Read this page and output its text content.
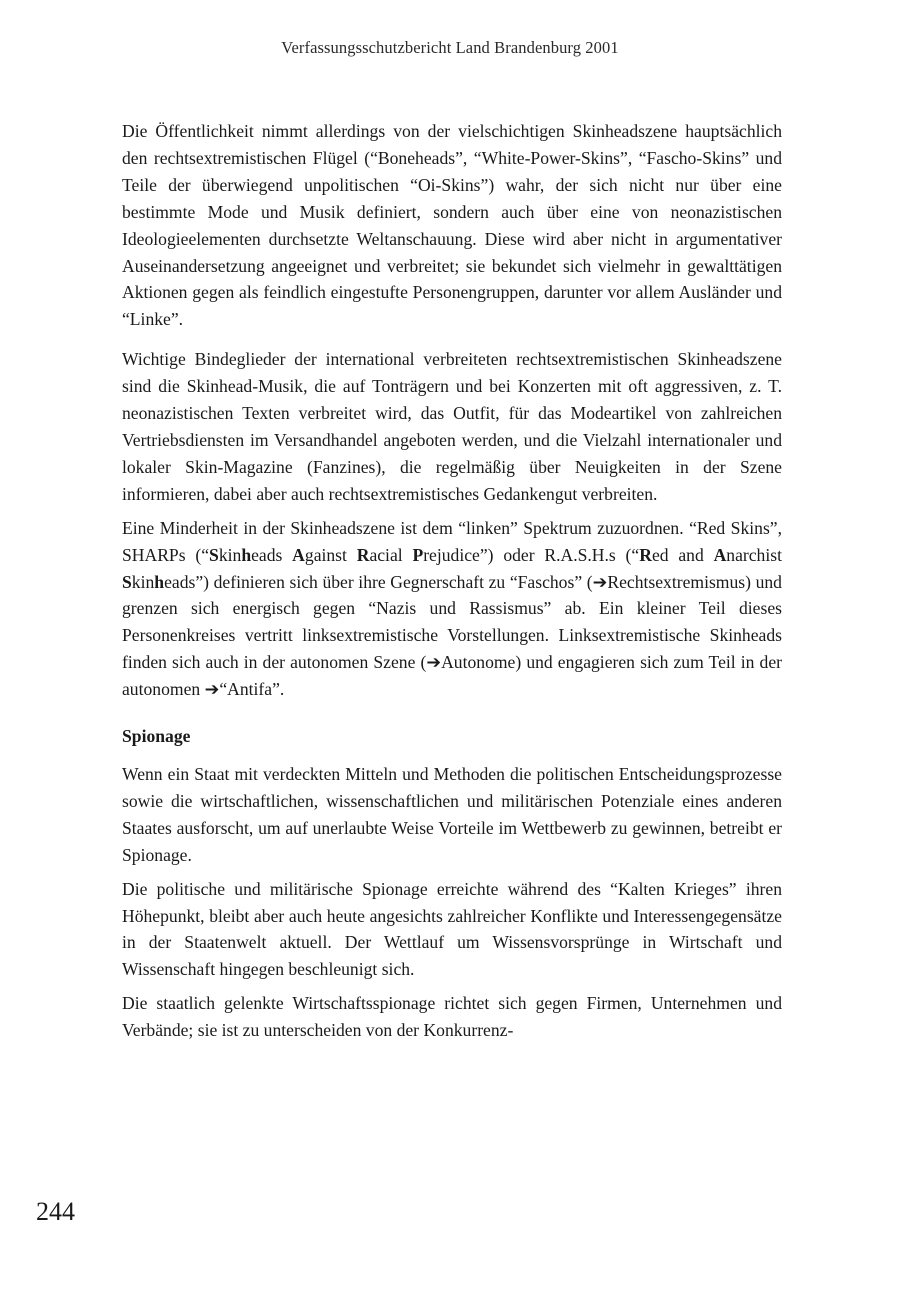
Verfassungsschutzbericht Land Brandenburg 2001

Die Öffentlichkeit nimmt allerdings von der vielschichtigen Skinheadszene hauptsächlich den rechtsextremistischen Flügel (“Boneheads”, “White-Power-Skins”, “Fascho-Skins” und Teile der überwiegend unpolitischen “Oi-Skins”) wahr, der sich nicht nur über eine bestimmte Mode und Musik definiert, sondern auch über eine von neonazistischen Ideologieelementen durchsetzte Weltanschauung. Diese wird aber nicht in argumentativer Auseinandersetzung angeeignet und verbreitet; sie bekundet sich vielmehr in gewalttätigen Aktionen gegen als feindlich eingestufte Personengruppen, darunter vor allem Ausländer und “Linke”.

Wichtige Bindeglieder der international verbreiteten rechtsextremistischen Skinheadszene sind die Skinhead-Musik, die auf Tonträgern und bei Konzerten mit oft aggressiven, z. T. neonazistischen Texten verbreitet wird, das Outfit, für das Modeartikel von zahlreichen Vertriebsdiensten im Versandhandel angeboten werden, und die Vielzahl internationaler und lokaler Skin-Magazine (Fanzines), die regelmäßig über Neuigkeiten in der Szene informieren, dabei aber auch rechtsextremistisches Gedankengut verbreiten.

Eine Minderheit in der Skinheadszene ist dem “linken” Spektrum zuzuordnen. “Red Skins”, SHARPs (“Skinheads Against Racial Prejudice”) oder R.A.S.H.s (“Red and Anarchist Skinheads”) definieren sich über ihre Gegnerschaft zu “Faschos” (➔Rechtsextremismus) und grenzen sich energisch gegen “Nazis und Rassismus” ab. Ein kleiner Teil dieses Personenkreises vertritt linksextremistische Vorstellungen. Linksextremistische Skinheads finden sich auch in der autonomen Szene (➔Autonome) und engagieren sich zum Teil in der autonomen ➔“Antifa”.

Spionage

Wenn ein Staat mit verdeckten Mitteln und Methoden die politischen Entscheidungsprozesse sowie die wirtschaftlichen, wissenschaftlichen und militärischen Potenziale eines anderen Staates ausforscht, um auf unerlaubte Weise Vorteile im Wettbewerb zu gewinnen, betreibt er Spionage.

Die politische und militärische Spionage erreichte während des “Kalten Krieges” ihren Höhepunkt, bleibt aber auch heute angesichts zahlreicher Konflikte und Interessengegensätze in der Staatenwelt aktuell. Der Wettlauf um Wissensvorsprünge in Wirtschaft und Wissenschaft hingegen beschleunigt sich.

Die staatlich gelenkte Wirtschaftsspionage richtet sich gegen Firmen, Unternehmen und Verbände; sie ist zu unterscheiden von der Konkurrenz-

244
